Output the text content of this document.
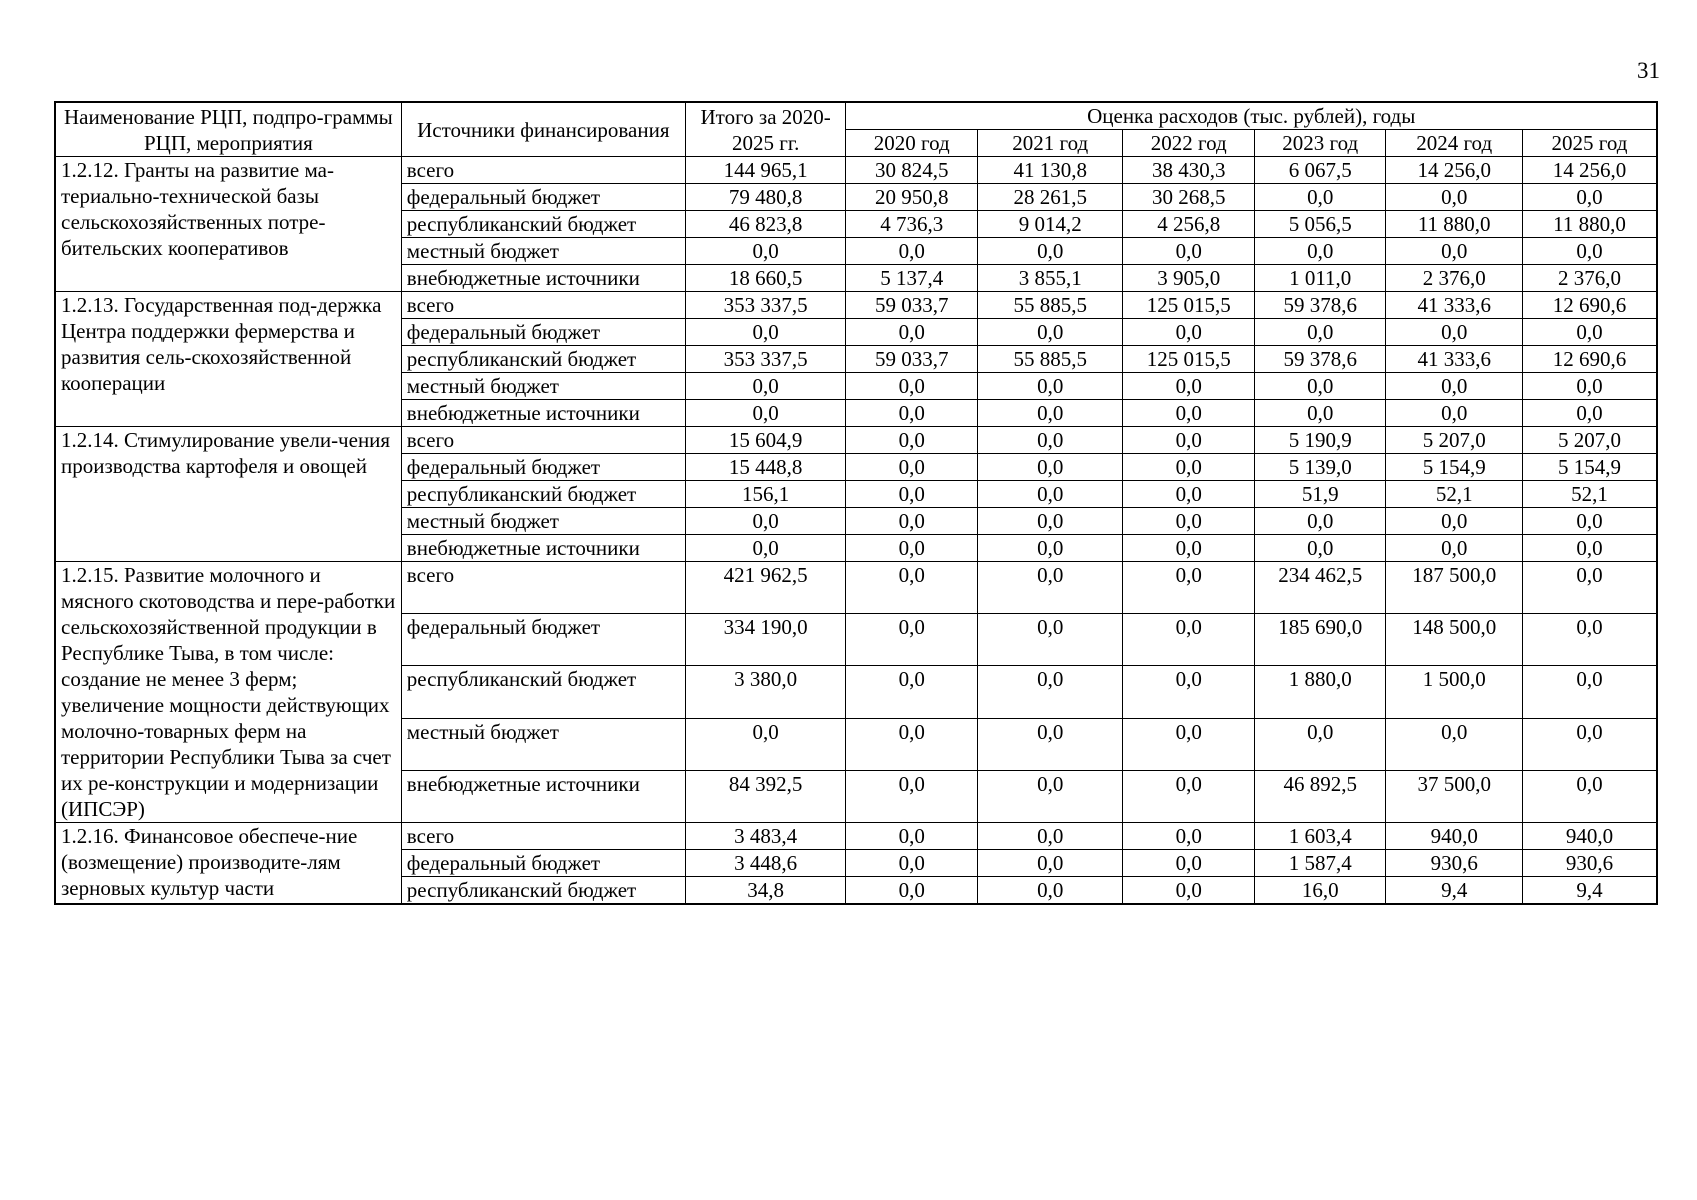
31
Наименование РЦП, подпро-граммы РЦП, мероприятия	Источники финансирования	Итого за 2020-2025 гг.	Оценка расходов (тыс. рублей), годы					
			2020 год	2021 год	2022 год	2023 год	2024 год	2025 год
1.2.12. Гранты на развитие ма-териально-технической базы сельскохозяйственных потре-бительских кооперативов	всего	144 965,1	30 824,5	41 130,8	38 430,3	6 067,5	14 256,0	14 256,0
	федеральный бюджет	79 480,8	20 950,8	28 261,5	30 268,5	0,0	0,0	0,0
	республиканский бюджет	46 823,8	4 736,3	9 014,2	4 256,8	5 056,5	11 880,0	11 880,0
	местный бюджет	0,0	0,0	0,0	0,0	0,0	0,0	0,0
	внебюджетные источники	18 660,5	5 137,4	3 855,1	3 905,0	1 011,0	2 376,0	2 376,0
1.2.13. Государственная под-держка Центра поддержки фермерства и развития сель-скохозяйственной кооперации	всего	353 337,5	59 033,7	55 885,5	125 015,5	59 378,6	41 333,6	12 690,6
	федеральный бюджет	0,0	0,0	0,0	0,0	0,0	0,0	0,0
	республиканский бюджет	353 337,5	59 033,7	55 885,5	125 015,5	59 378,6	41 333,6	12 690,6
	местный бюджет	0,0	0,0	0,0	0,0	0,0	0,0	0,0
	внебюджетные источники	0,0	0,0	0,0	0,0	0,0	0,0	0,0
1.2.14. Стимулирование увели-чения производства картофеля и овощей	всего	15 604,9	0,0	0,0	0,0	5 190,9	5 207,0	5 207,0
	федеральный бюджет	15 448,8	0,0	0,0	0,0	5 139,0	5 154,9	5 154,9
	республиканский бюджет	156,1	0,0	0,0	0,0	51,9	52,1	52,1
	местный бюджет	0,0	0,0	0,0	0,0	0,0	0,0	0,0
	внебюджетные источники	0,0	0,0	0,0	0,0	0,0	0,0	0,0
1.2.15. Развитие молочного и мясного скотоводства и пере-работки сельскохозяйственной продукции в Республике Тыва, в том числе: создание не менее 3 ферм; увеличение мощности действующих молочно-товарных ферм на территории Республики Тыва за счет их ре-конструкции и модернизации (ИПСЭР)	всего	421 962,5	0,0	0,0	0,0	234 462,5	187 500,0	0,0
	федеральный бюджет	334 190,0	0,0	0,0	0,0	185 690,0	148 500,0	0,0
	республиканский бюджет	3 380,0	0,0	0,0	0,0	1 880,0	1 500,0	0,0
	местный бюджет	0,0	0,0	0,0	0,0	0,0	0,0	0,0
	внебюджетные источники	84 392,5	0,0	0,0	0,0	46 892,5	37 500,0	0,0
1.2.16. Финансовое обеспече-ние (возмещение) производите-лям зерновых культур части	всего	3 483,4	0,0	0,0	0,0	1 603,4	940,0	940,0
	федеральный бюджет	3 448,6	0,0	0,0	0,0	1 587,4	930,6	930,6
	республиканский бюджет	34,8	0,0	0,0	0,0	16,0	9,4	9,4
